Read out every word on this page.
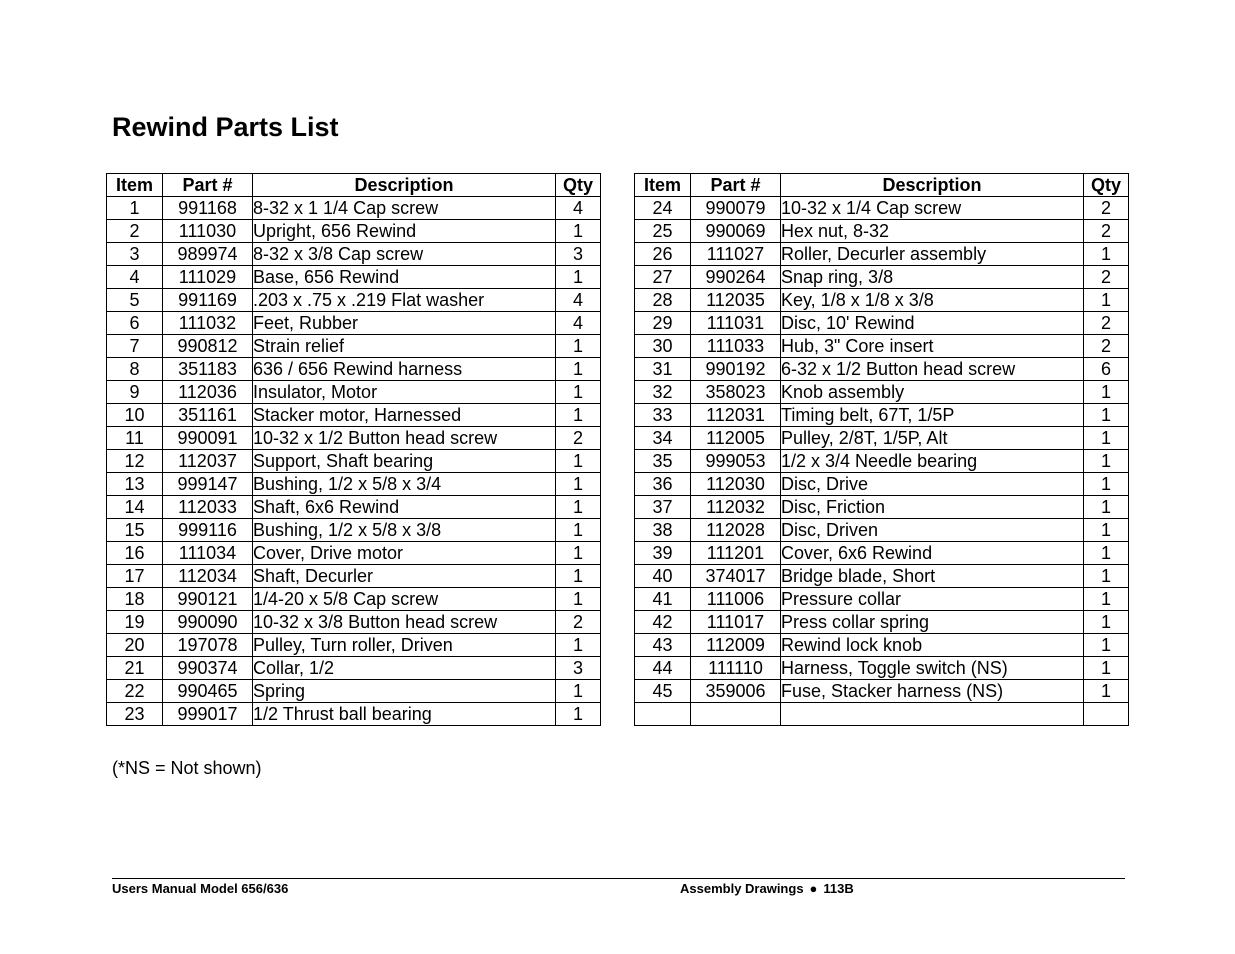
Rewind Parts List
Item	Part #	Description	Qty
1	991168	8-32 x 1 1/4 Cap screw	4
2	111030	Upright, 656 Rewind	1
3	989974	8-32 x 3/8 Cap screw	3
4	111029	Base, 656 Rewind	1
5	991169	.203 x .75 x .219 Flat washer	4
6	111032	Feet, Rubber	4
7	990812	Strain relief	1
8	351183	636 / 656 Rewind harness	1
9	112036	Insulator, Motor	1
10	351161	Stacker motor, Harnessed	1
11	990091	10-32 x 1/2 Button head screw	2
12	112037	Support, Shaft bearing	1
13	999147	Bushing, 1/2 x 5/8 x 3/4	1
14	112033	Shaft, 6x6 Rewind	1
15	999116	Bushing, 1/2 x 5/8 x 3/8	1
16	111034	Cover, Drive motor	1
17	112034	Shaft, Decurler	1
18	990121	1/4-20 x 5/8 Cap screw	1
19	990090	10-32 x 3/8 Button head screw	2
20	197078	Pulley, Turn roller, Driven	1
21	990374	Collar, 1/2	3
22	990465	Spring	1
23	999017	1/2 Thrust ball bearing	1
Item	Part #	Description	Qty
24	990079	10-32 x 1/4 Cap screw	2
25	990069	Hex nut, 8-32	2
26	111027	Roller, Decurler assembly	1
27	990264	Snap ring, 3/8	2
28	112035	Key, 1/8 x 1/8 x 3/8	1
29	111031	Disc, 10' Rewind	2
30	111033	Hub, 3" Core insert	2
31	990192	6-32 x 1/2 Button head screw	6
32	358023	Knob assembly	1
33	112031	Timing belt, 67T, 1/5P	1
34	112005	Pulley, 2/8T, 1/5P, Alt	1
35	999053	1/2 x 3/4 Needle bearing	1
36	112030	Disc, Drive	1
37	112032	Disc, Friction	1
38	112028	Disc, Driven	1
39	111201	Cover, 6x6 Rewind	1
40	374017	Bridge blade, Short	1
41	111006	Pressure collar	1
42	111017	Press collar spring	1
43	112009	Rewind lock knob	1
44	111110	Harness, Toggle switch (NS)	1
45	359006	Fuse, Stacker harness (NS)	1

(*NS = Not shown)
Users Manual Model 656/636	Assembly Drawings ● 113B
